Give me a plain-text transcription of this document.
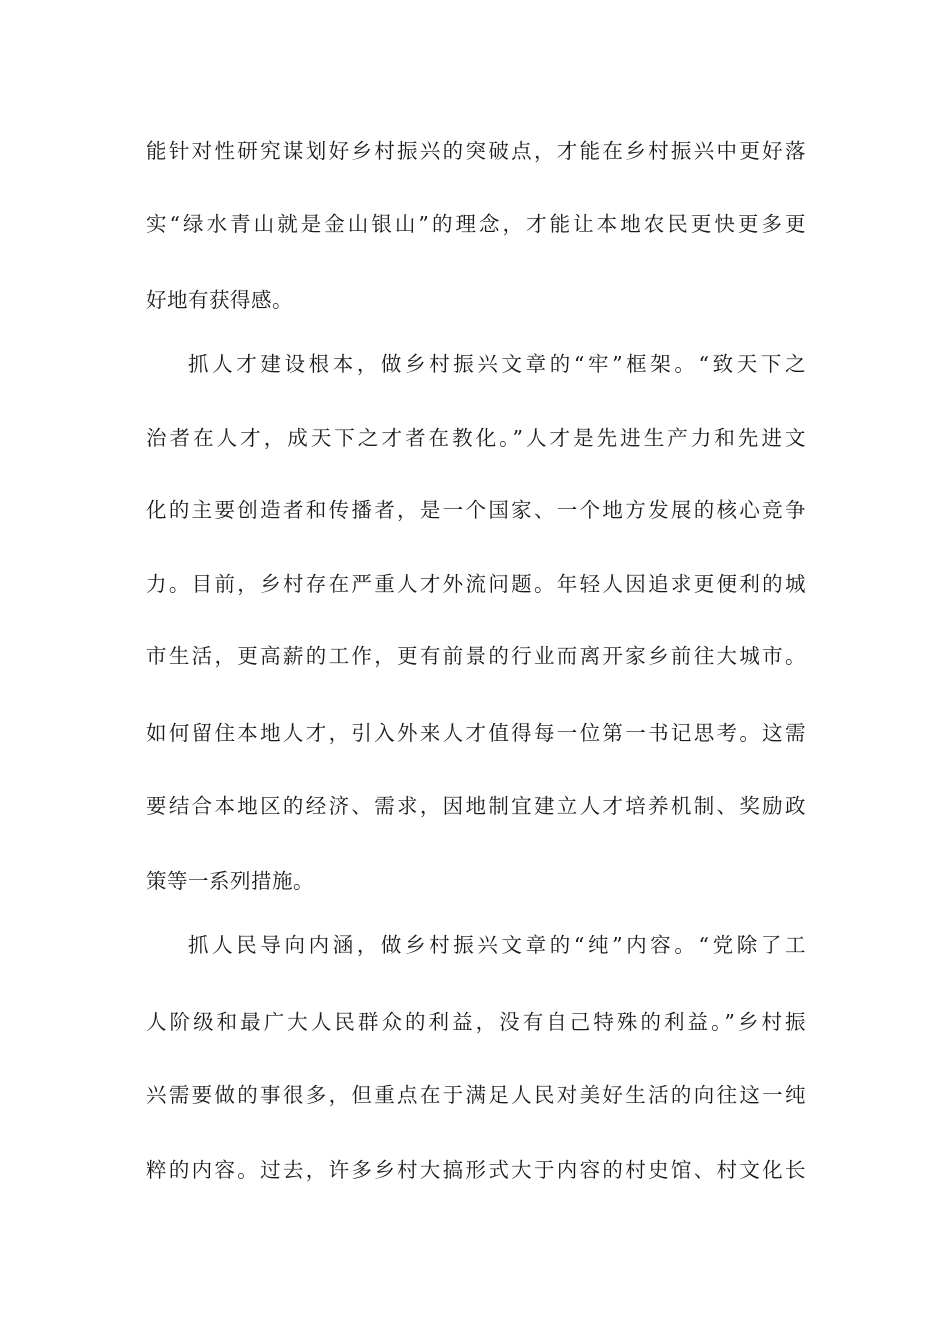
能针对性研究谋划好乡村振兴的突破点，才能在乡村振兴中更好落

实“绿水青山就是金山银山”的理念，才能让本地农民更快更多更

好地有获得感。

抓人才建设根本，做乡村振兴文章的“牢”框架。“致天下之

治者在人才，成天下之才者在教化。”人才是先进生产力和先进文

化的主要创造者和传播者，是一个国家、一个地方发展的核心竞争

力。目前，乡村存在严重人才外流问题。年轻人因追求更便利的城

市生活，更高薪的工作，更有前景的行业而离开家乡前往大城市。

如何留住本地人才，引入外来人才值得每一位第一书记思考。这需

要结合本地区的经济、需求，因地制宜建立人才培养机制、奖励政

策等一系列措施。

抓人民导向内涵，做乡村振兴文章的“纯”内容。“党除了工

人阶级和最广大人民群众的利益，没有自己特殊的利益。”乡村振

兴需要做的事很多，但重点在于满足人民对美好生活的向往这一纯

粹的内容。过去，许多乡村大搞形式大于内容的村史馆、村文化长
